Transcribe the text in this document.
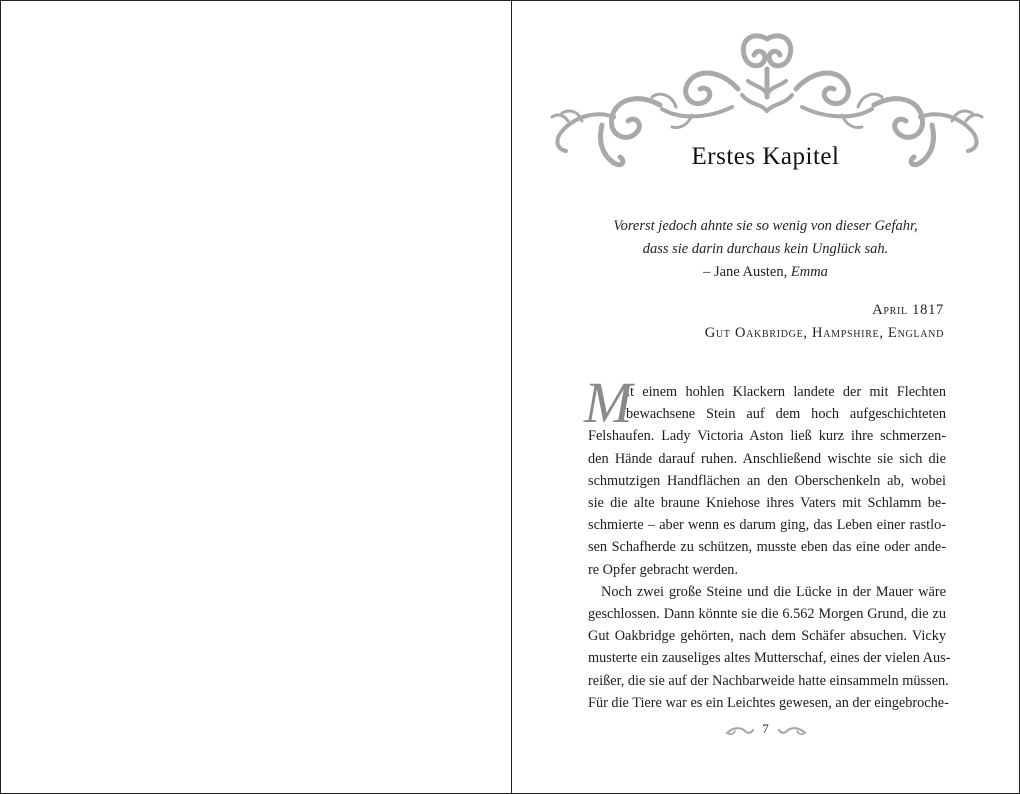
Erstes Kapitel
Vorerst jedoch ahnte sie so wenig von dieser Gefahr,
dass sie darin durchaus kein Unglück sah.
– Jane Austen, Emma
April 1817
Gut Oakbridge, Hampshire, England
M
it einem hohlen Klackern landete der mit Flechten
bewachsene Stein auf dem hoch aufgeschichteten
Felshaufen. Lady Victoria Aston ließ kurz ihre schmerzen-
den Hände darauf ruhen. Anschließend wischte sie sich die
schmutzigen Handflächen an den Oberschenkeln ab, wobei
sie die alte braune Kniehose ihres Vaters mit Schlamm be-
schmierte – aber wenn es darum ging, das Leben einer rastlo-
sen Schafherde zu schützen, musste eben das eine oder ande-
re Opfer gebracht werden.
Noch zwei große Steine und die Lücke in der Mauer wäre
geschlossen. Dann könnte sie die 6.562 Morgen Grund, die zu
Gut Oakbridge gehörten, nach dem Schäfer absuchen. Vicky
musterte ein zauseliges altes Mutterschaf, eines der vielen Aus-
reißer, die sie auf der Nachbarweide hatte einsammeln müssen.
Für die Tiere war es ein Leichtes gewesen, an der eingebroche-
7
